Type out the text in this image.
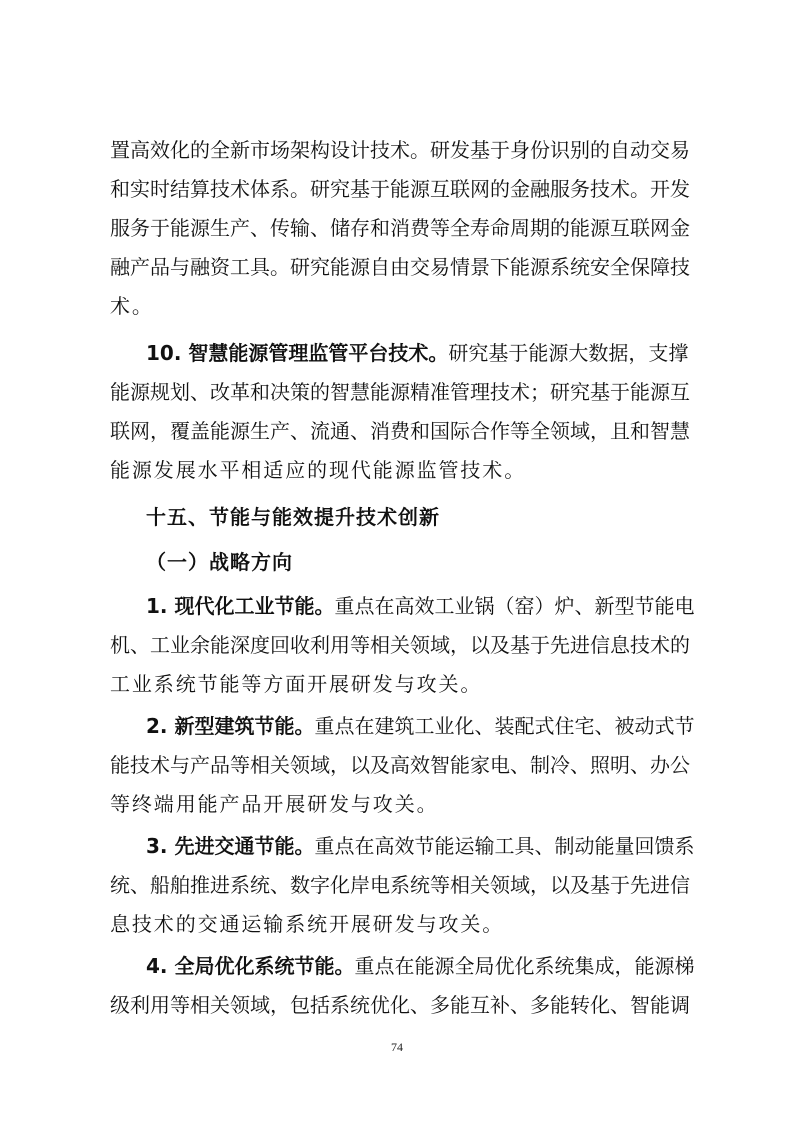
置高效化的全新市场架构设计技术。研发基于身份识别的自动交易
和实时结算技术体系。研究基于能源互联网的金融服务技术。开发
服务于能源生产、传输、储存和消费等全寿命周期的能源互联网金
融产品与融资工具。研究能源自由交易情景下能源系统安全保障技
术。
10. 智慧能源管理监管平台技术。研究基于能源大数据，支撑
能源规划、改革和决策的智慧能源精准管理技术；研究基于能源互
联网，覆盖能源生产、流通、消费和国际合作等全领域，且和智慧
能源发展水平相适应的现代能源监管技术。
十五、节能与能效提升技术创新
（一）战略方向
1. 现代化工业节能。重点在高效工业锅（窑）炉、新型节能电
机、工业余能深度回收利用等相关领域，以及基于先进信息技术的
工业系统节能等方面开展研发与攻关。
2. 新型建筑节能。重点在建筑工业化、装配式住宅、被动式节
能技术与产品等相关领域，以及高效智能家电、制冷、照明、办公
等终端用能产品开展研发与攻关。
3. 先进交通节能。重点在高效节能运输工具、制动能量回馈系
统、船舶推进系统、数字化岸电系统等相关领域，以及基于先进信
息技术的交通运输系统开展研发与攻关。
4. 全局优化系统节能。重点在能源全局优化系统集成，能源梯
级利用等相关领域，包括系统优化、多能互补、多能转化、智能调
74
